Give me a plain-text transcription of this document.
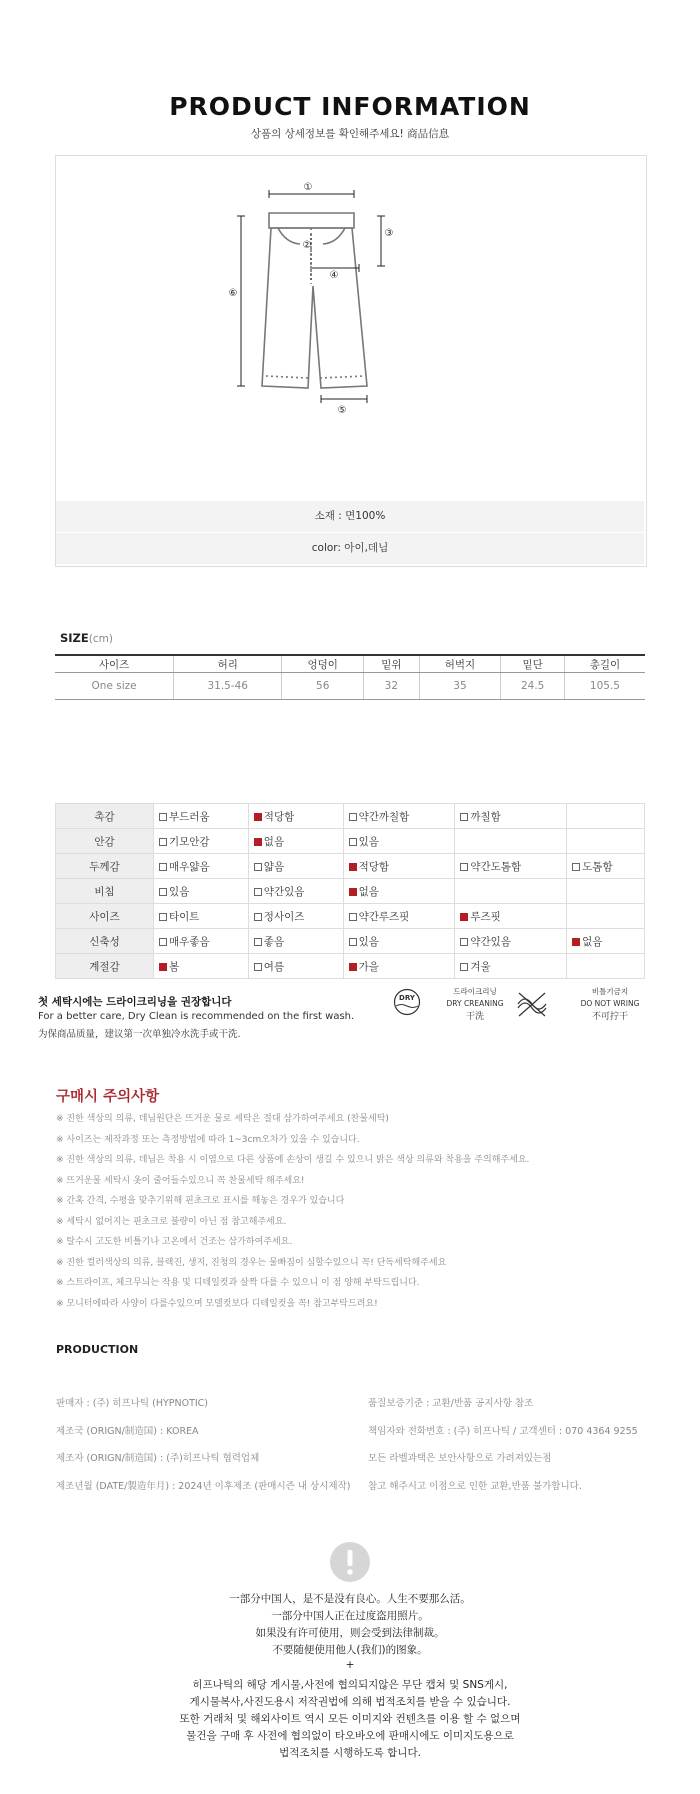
PRODUCT INFORMATION
상품의 상세정보를 확인해주세요! 商品信息
①
②
③
④
⑤
⑥
소재 : 면100%
color: 아이,데님
SIZE(cm)
사이즈	허리	엉덩이	밑위	허벅지	밑단	총길이
One size	31.5-46	56	32	35	24.5	105.5
촉감	부드러움	적당함	약간까칠함	까칠함	
안감	기모안감	없음	있음		
두께감	매우얇음	얇음	적당함	약간도톰함	도톰함
비침	있음	약간있음	없음		
사이즈	타이트	정사이즈	약간루즈핏	루즈핏	
신축성	매우좋음	좋음	있음	약간있음	없음
계절감	봄	여름	가을	겨울	
첫 세탁시에는 드라이크리닝을 권장합니다
For a better care, Dry Clean is recommended on the first wash.
为保商品质量，建议第一次单独冷水洗手或干洗.
DRY
드라이크리닝
DRY CREANING
干洗
비틀기금지
DO NOT WRING
不可拧干
구매시 주의사항
※ 진한 색상의 의류, 데님원단은 뜨거운 물로 세탁은 절대 삼가하여주세요 (찬물세탁)
※ 사이즈는 제작과정 또는 측정방법에 따라 1~3cm오차가 있을 수 있습니다.
※ 진한 색상의 의류, 데님은 착용 시 이염으로 다른 상품에 손상이 생길 수 있으니 밝은 색상 의류와 착용을 주의해주세요.
※ 뜨거운물 세탁시 옷이 줄어들수있으니 꼭 찬물세탁 해주세요!
※ 간혹 간격, 수평을 맞추기위해 핀초크로 표시를 해놓은 경우가 있습니다
※ 세탁시 없어지는 핀초크로 불량이 아닌 점 참고해주세요.
※ 탈수시 고도한 비틀기나 고온에서 건조는 삼가하여주세요.
※ 진한 컬러색상의 의류, 블랙진, 생지, 진청의 경우는 물빠짐이 심할수있으니 꼭! 단독세탁해주세요
※ 스트라이프, 체크무늬는 작용 및 디테일컷과 살짝 다를 수 있으니 이 점 양해 부탁드립니다.
※ 모니터에따라 사양이 다를수있으며 모델컷보다 디테일컷을 꼭! 참고부탁드려요!
PRODUCTION
판매자 : (주) 히프나틱 (HYPNOTIC)
제조국 (ORIGN/制造国) : KOREA
제조자 (ORIGN/制造国) : (주)히프나틱 협력업체
제조년월 (DATE/製造年月) : 2024년 이후제조 (판매시즌 내 상시제작)
품질보증기준 : 교환/반품 공지사항 참조
책임자와 전화번호 : (주) 히프나틱 / 고객센터 : 070 4364 9255
모든 라벨과택은 보안사항으로 가려져있는점
참고 해주시고 이점으로 인한 교환,반품 불가합니다.
一部分中国人，是不是没有良心。人生不要那么活。
一部分中国人正在过度盗用照片。
如果没有许可使用，则会受到法律制裁。
不要随便使用他人(我们)的图象。
+
히프나틱의 해당 게시물,사전에 협의되지않은 무단 캡쳐 및 SNS게시,
게시물복사,사진도용시 저작권법에 의해 법적조치를 받을 수 있습니다.
또한 거래처 및 해외사이트 역시 모든 이미지와 컨텐츠를 이용 할 수 없으며
물건을 구매 후 사전에 협의없이 타오바오에 판매시에도 이미지도용으로
법적조치를 시행하도록 합니다.
